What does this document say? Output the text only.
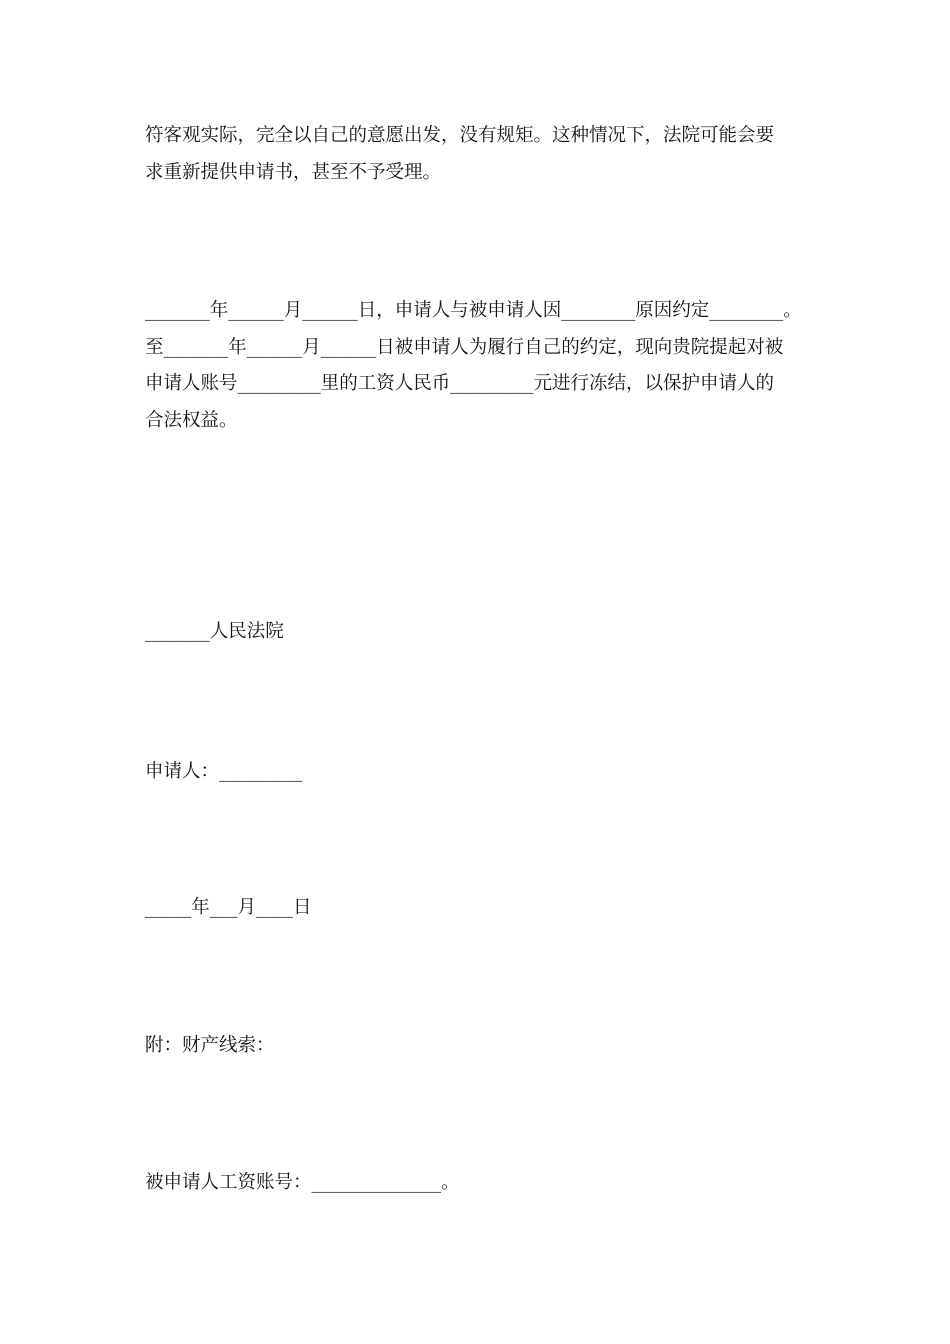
符客观实际，完全以自己的意愿出发，没有规矩。这种情况下，法院可能会要
求重新提供申请书，甚至不予受理。

_______年______月______日，申请人与被申请人因________原因约定________。
至_______年______月______日被申请人为履行自己的约定，现向贵院提起对被
申请人账号_________里的工资人民币_________元进行冻结，以保护申请人的
合法权益。

_______人民法院

申请人：_________

_____年___月____日

附：财产线索：

被申请人工资账号：______________。
